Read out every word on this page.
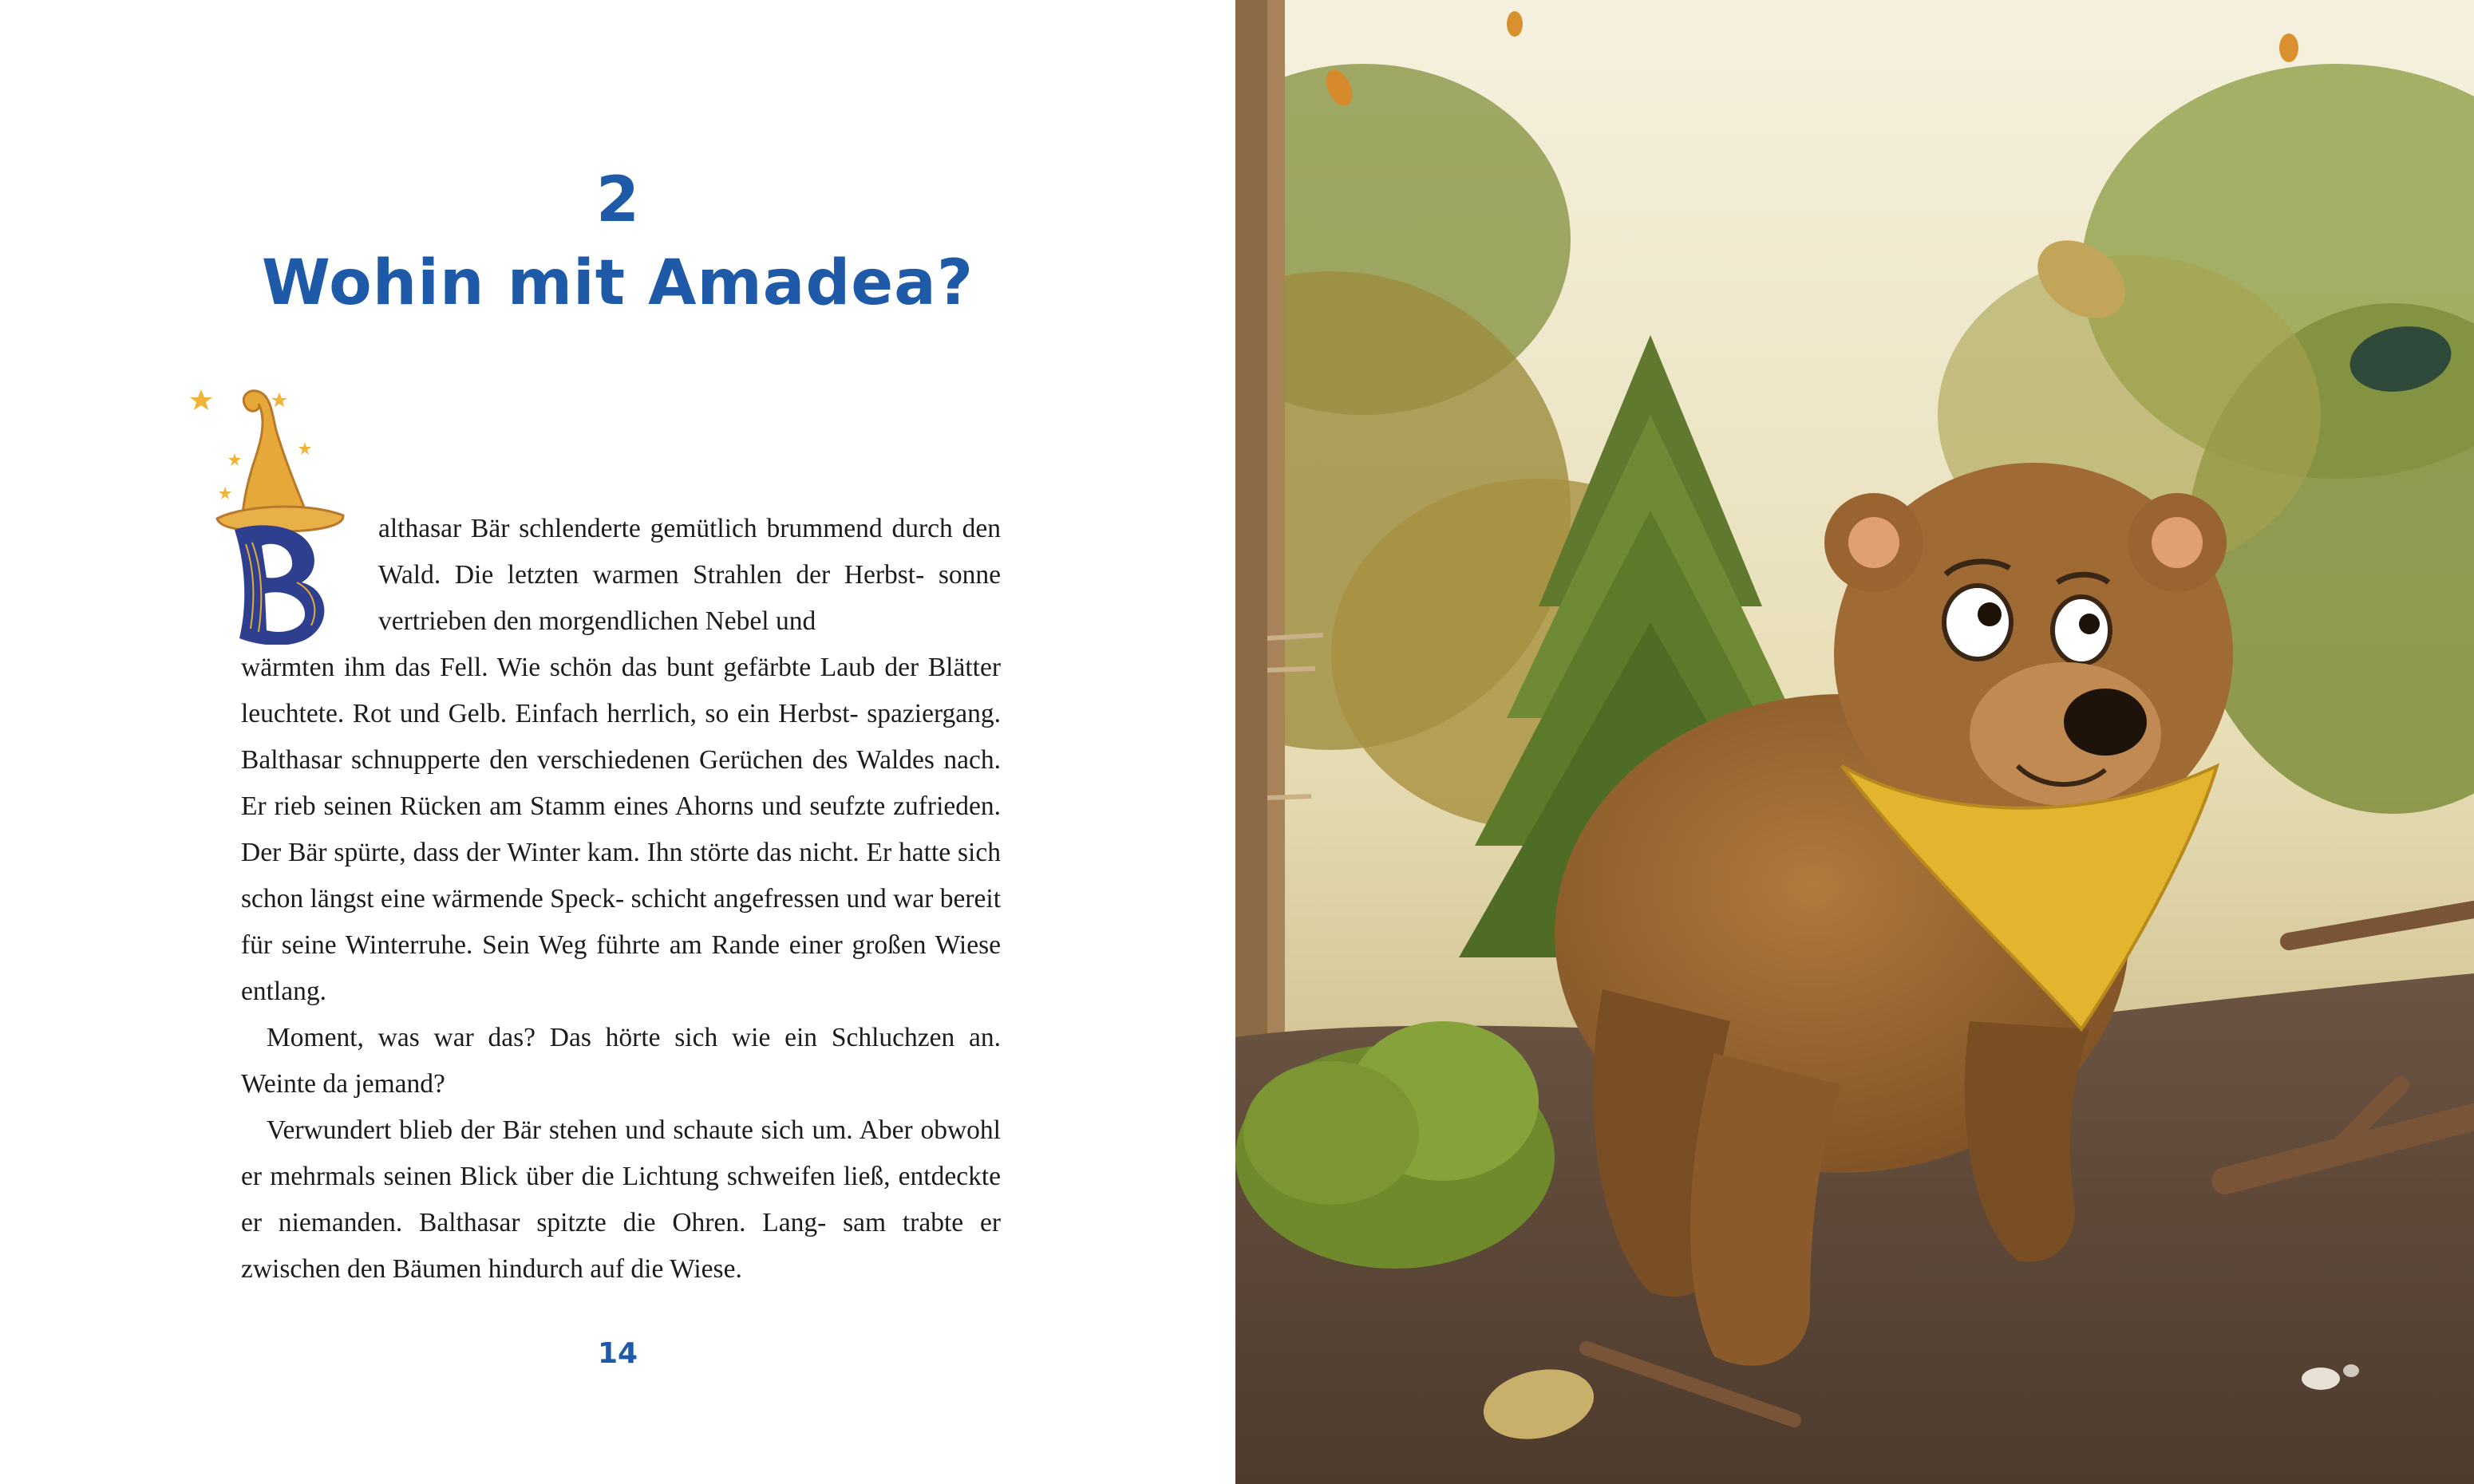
2
Wohin mit Amadea?

althasar Bär schlenderte gemütlich brummend durch den Wald. Die letzten warmen Strahlen der Herbst- sonne vertrieben den morgendlichen Nebel und
wärmten ihm das Fell. Wie schön das bunt gefärbte Laub der Blätter leuchtete. Rot und Gelb. Einfach herrlich, so ein Herbst- spaziergang. Balthasar schnupperte den verschiedenen Gerüchen des Waldes nach. Er rieb seinen Rücken am Stamm eines Ahorns und seufzte zufrieden. Der Bär spürte, dass der Winter kam. Ihn störte das nicht. Er hatte sich schon längst eine wärmende Speck- schicht angefressen und war bereit für seine Winterruhe. Sein Weg führte am Rande einer großen Wiese entlang.

Moment, was war das? Das hörte sich wie ein Schluchzen an. Weinte da jemand?

Verwundert blieb der Bär stehen und schaute sich um. Aber obwohl er mehrmals seinen Blick über die Lichtung schweifen ließ, entdeckte er niemanden. Balthasar spitzte die Ohren. Lang- sam trabte er zwischen den Bäumen hindurch auf die Wiese.

14
